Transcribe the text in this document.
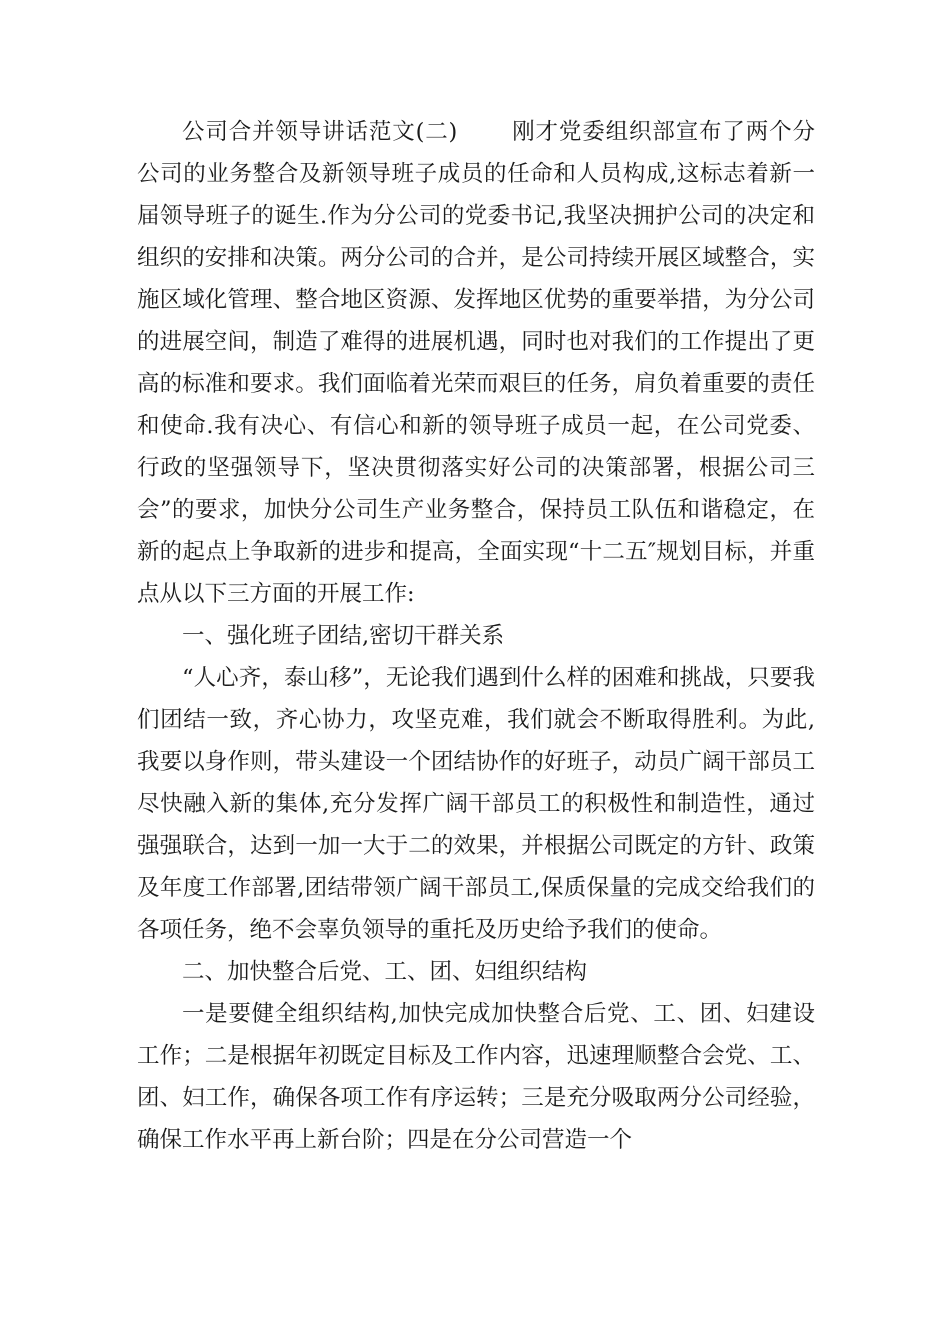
公司合并领导讲话范文(二) 刚才党委组织部宣布了两个分公司的业务整合及新领导班子成员的任命和人员构成,这标志着新一届领导班子的诞生.作为分公司的党委书记,我坚决拥护公司的决定和组织的安排和决策。两分公司的合并，是公司持续开展区域整合，实施区域化管理、整合地区资源、发挥地区优势的重要举措，为分公司的进展空间，制造了难得的进展机遇，同时也对我们的工作提出了更高的标准和要求。我们面临着光荣而艰巨的任务，肩负着重要的责任和使命.我有决心、有信心和新的领导班子成员一起，在公司党委、行政的坚强领导下，坚决贯彻落实好公司的决策部署，根据公司三会”的要求，加快分公司生产业务整合，保持员工队伍和谐稳定，在新的起点上争取新的进步和提高，全面实现“十二五″规划目标，并重点从以下三方面的开展工作:

一、强化班子团结,密切干群关系

“人心齐，泰山移”，无论我们遇到什么样的困难和挑战，只要我们团结一致，齐心协力，攻坚克难，我们就会不断取得胜利。为此,我要以身作则，带头建设一个团结协作的好班子，动员广阔干部员工尽快融入新的集体,充分发挥广阔干部员工的积极性和制造性，通过强强联合，达到一加一大于二的效果，并根据公司既定的方针、政策及年度工作部署,团结带领广阔干部员工,保质保量的完成交给我们的各项任务，绝不会辜负领导的重托及历史给予我们的使命。

二、加快整合后党、工、团、妇组织结构

一是要健全组织结构,加快完成加快整合后党、工、团、妇建设工作；二是根据年初既定目标及工作内容，迅速理顺整合会党、工、团、妇工作，确保各项工作有序运转；三是充分吸取两分公司经验，确保工作水平再上新台阶；四是在分公司营造一个
